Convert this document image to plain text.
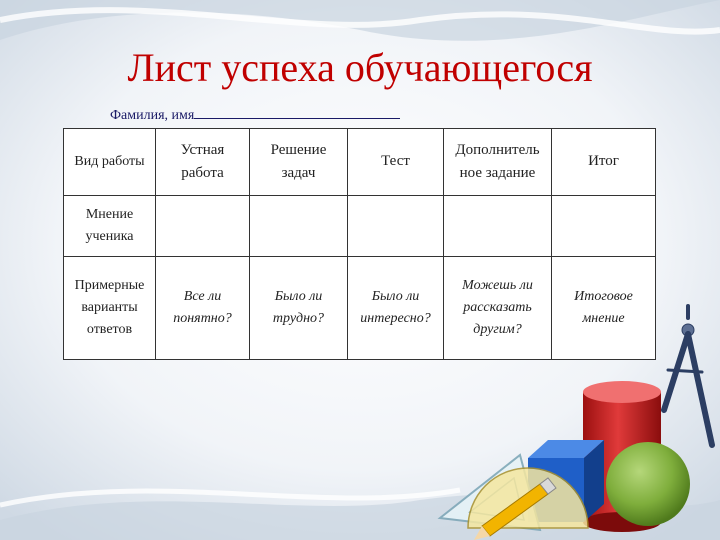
Лист успеха обучающегося
Фамилия, имя
Вид работы	Устная работа	Решение задач	Тест	Дополнитель ное задание	Итог
Мнение ученика					
Примерные варианты ответов	Все ли понятно?	Было ли трудно?	Было ли интересно?	Можешь ли рассказать другим?	Итоговое мнение
